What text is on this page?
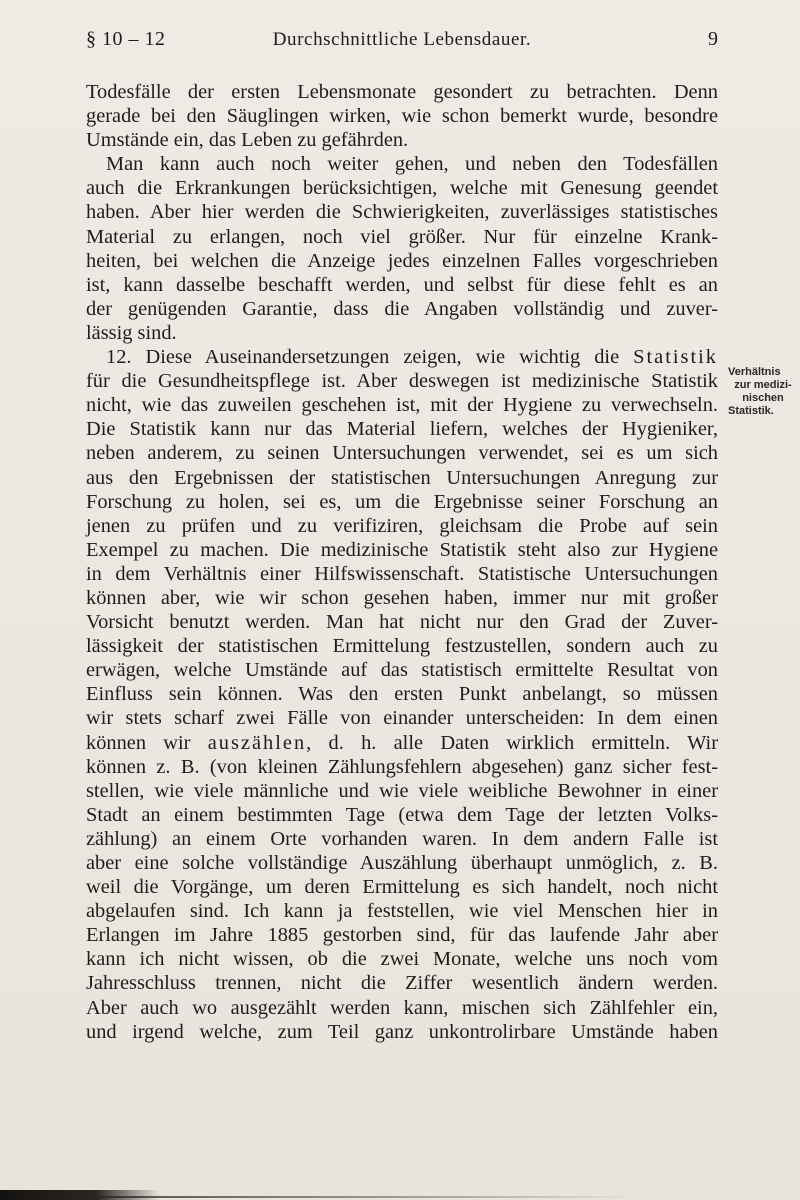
§ 10 – 12	Durchschnittliche Lebensdauer.	9
Todesfälle der ersten Lebensmonate gesondert zu betrachten. Denn
gerade bei den Säuglingen wirken, wie schon bemerkt wurde, besondre
Umstände ein, das Leben zu gefährden.
Man kann auch noch weiter gehen, und neben den Todesfällen
auch die Erkrankungen berücksichtigen, welche mit Genesung geendet
haben. Aber hier werden die Schwierigkeiten, zuverlässiges statistisches
Material zu erlangen, noch viel größer. Nur für einzelne Krank-
heiten, bei welchen die Anzeige jedes einzelnen Falles vorgeschrieben
ist, kann dasselbe beschafft werden, und selbst für diese fehlt es an
der genügenden Garantie, dass die Angaben vollständig und zuver-
lässig sind.
12. Diese Auseinandersetzungen zeigen, wie wichtig die Statistik
für die Gesundheitspflege ist. Aber deswegen ist medizinische Statistik
nicht, wie das zuweilen geschehen ist, mit der Hygiene zu verwechseln.
Die Statistik kann nur das Material liefern, welches der Hygieniker,
neben anderem, zu seinen Untersuchungen verwendet, sei es um sich
aus den Ergebnissen der statistischen Untersuchungen Anregung zur
Forschung zu holen, sei es, um die Ergebnisse seiner Forschung an
jenen zu prüfen und zu verifiziren, gleichsam die Probe auf sein
Exempel zu machen. Die medizinische Statistik steht also zur Hygiene
in dem Verhältnis einer Hilfswissenschaft. Statistische Untersuchungen
können aber, wie wir schon gesehen haben, immer nur mit großer
Vorsicht benutzt werden. Man hat nicht nur den Grad der Zuver-
lässigkeit der statistischen Ermittelung festzustellen, sondern auch zu
erwägen, welche Umstände auf das statistisch ermittelte Resultat von
Einfluss sein können. Was den ersten Punkt anbelangt, so müssen
wir stets scharf zwei Fälle von einander unterscheiden: In dem einen
können wir auszählen, d. h. alle Daten wirklich ermitteln. Wir
können z. B. (von kleinen Zählungsfehlern abgesehen) ganz sicher fest-
stellen, wie viele männliche und wie viele weibliche Bewohner in einer
Stadt an einem bestimmten Tage (etwa dem Tage der letzten Volks-
zählung) an einem Orte vorhanden waren. In dem andern Falle ist
aber eine solche vollständige Auszählung überhaupt unmöglich, z. B.
weil die Vorgänge, um deren Ermittelung es sich handelt, noch nicht
abgelaufen sind. Ich kann ja feststellen, wie viel Menschen hier in
Erlangen im Jahre 1885 gestorben sind, für das laufende Jahr aber
kann ich nicht wissen, ob die zwei Monate, welche uns noch vom
Jahresschluss trennen, nicht die Ziffer wesentlich ändern werden.
Aber auch wo ausgezählt werden kann, mischen sich Zählfehler ein,
und irgend welche, zum Teil ganz unkontrolirbare Umstände haben
Verhältnis
zur medizi-
nischen
Statistik.
